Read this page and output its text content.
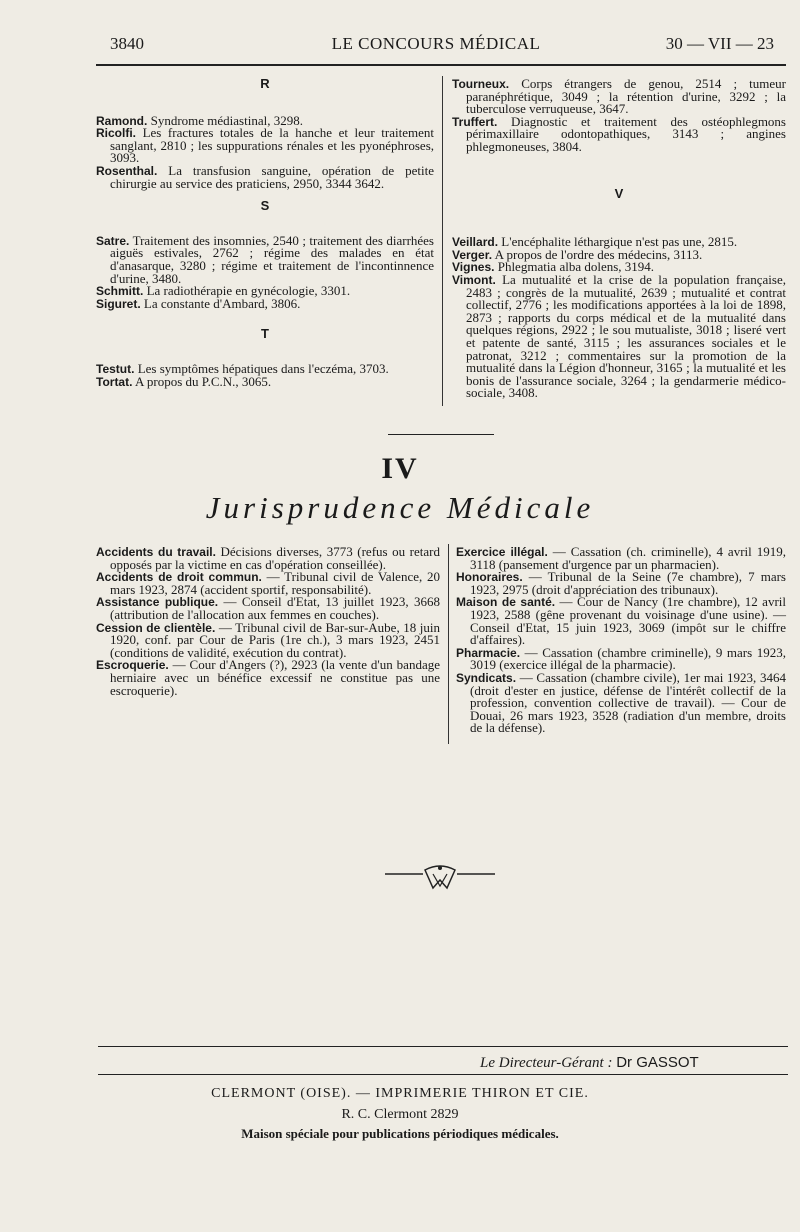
3840	LE CONCOURS MÉDICAL	30 — VII — 23
R

Ramond. Syndrome médiastinal, 3298.

Ricolfi. Les fractures totales de la hanche et leur traitement sanglant, 2810 ; les suppurations rénales et les pyonéphroses, 3093.

Rosenthal. La transfusion sanguine, opération de petite chirurgie au service des praticiens, 2950, 3344 3642.

S

Satre. Traitement des insomnies, 2540 ; traitement des diarrhées aiguës estivales, 2762 ; régime des malades en état d'anasarque, 3280 ; régime et traitement de l'incontinnence d'urine, 3480.

Schmitt. La radiothérapie en gynécologie, 3301.

Siguret. La constante d'Ambard, 3806.

T

Testut. Les symptômes hépatiques dans l'eczéma, 3703.

Tortat. A propos du P.C.N., 3065.

Tourneux. Corps étrangers de genou, 2514 ; tumeur paranéphrétique, 3049 ; la rétention d'urine, 3292 ; la tuberculose verruqueuse, 3647.

Truffert. Diagnostic et traitement des ostéophlegmons périmaxillaire odontopathiques, 3143 ; angines phlegmoneuses, 3804.

V

Veillard. L'encéphalite léthargique n'est pas une, 2815.

Verger. A propos de l'ordre des médecins, 3113.

Vignes. Phlegmatia alba dolens, 3194.

Vimont. La mutualité et la crise de la population française, 2483 ; congrès de la mutualité, 2639 ; mutualité et contrat collectif, 2776 ; les modifications apportées à la loi de 1898, 2873 ; rapports du corps médical et de la mutualité dans quelques régions, 2922 ; le sou mutualiste, 3018 ; liseré vert et patente de santé, 3115 ; les assurances sociales et le patronat, 3212 ; commentaires sur la promotion de la mutualité dans la Légion d'honneur, 3165 ; la mutualité et les bonis de l'assurance sociale, 3264 ; la gendarmerie médico-sociale, 3408.

IV
Jurisprudence Médicale

Accidents du travail. Décisions diverses, 3773 (refus ou retard opposés par la victime en cas d'opération conseillée).

Accidents de droit commun. — Tribunal civil de Valence, 20 mars 1923, 2874 (accident sportif, responsabilité).

Assistance publique. — Conseil d'Etat, 13 juillet 1923, 3668 (attribution de l'allocation aux femmes en couches).

Cession de clientèle. — Tribunal civil de Bar-sur-Aube, 18 juin 1920, conf. par Cour de Paris (1re ch.), 3 mars 1923, 2451 (conditions de validité, exécution du contrat).

Escroquerie. — Cour d'Angers (?), 2923 (la vente d'un bandage herniaire avec un bénéfice excessif ne constitue pas une escroquerie).

Exercice illégal. — Cassation (ch. criminelle), 4 avril 1919, 3118 (pansement d'urgence par un pharmacien).

Honoraires. — Tribunal de la Seine (7e chambre), 7 mars 1923, 2975 (droit d'appréciation des tribunaux).

Maison de santé. — Cour de Nancy (1re chambre), 12 avril 1923, 2588 (gêne provenant du voisinage d'une usine). — Conseil d'Etat, 15 juin 1923, 3069 (impôt sur le chiffre d'affaires).

Pharmacie. — Cassation (chambre criminelle), 9 mars 1923, 3019 (exercice illégal de la pharmacie).

Syndicats. — Cassation (chambre civile), 1er mai 1923, 3464 (droit d'ester en justice, défense de l'intérêt collectif de la profession, convention collective de travail). — Cour de Douai, 26 mars 1923, 3528 (radiation d'un membre, droits de la défense).

Le Directeur-Gérant : Dr GASSOT
CLERMONT (OISE). — IMPRIMERIE THIRON ET CIE.
R. C. Clermont 2829
Maison spéciale pour publications périodiques médicales.
